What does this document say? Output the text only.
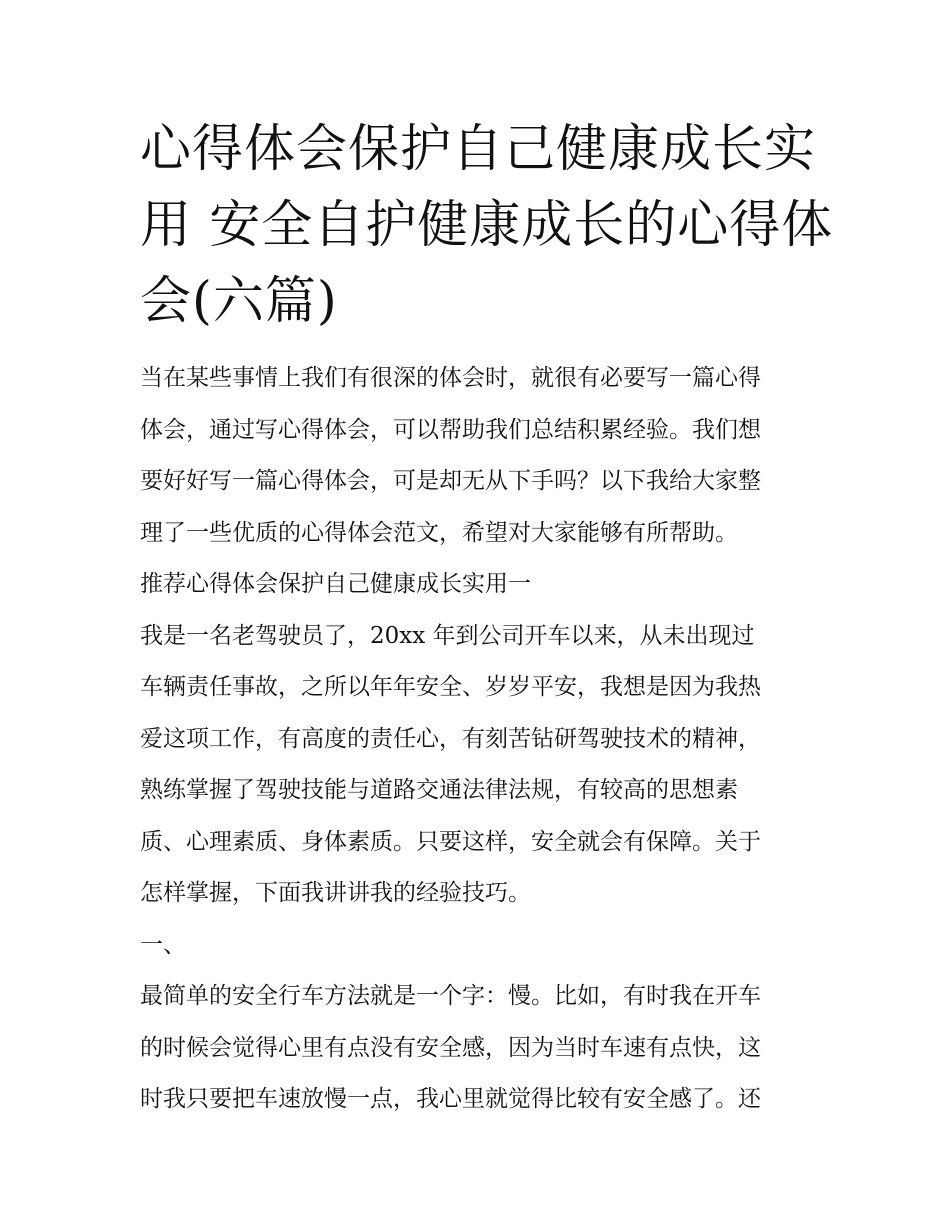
心得体会保护自己健康成长实
用 安全自护健康成长的心得体
会(六篇)
当在某些事情上我们有很深的体会时，就很有必要写一篇心得
体会，通过写心得体会，可以帮助我们总结积累经验。我们想
要好好写一篇心得体会，可是却无从下手吗？以下我给大家整
理了一些优质的心得体会范文，希望对大家能够有所帮助。
推荐心得体会保护自己健康成长实用一
我是一名老驾驶员了，20xx 年到公司开车以来，从未出现过
车辆责任事故，之所以年年安全、岁岁平安，我想是因为我热
爱这项工作，有高度的责任心，有刻苦钻研驾驶技术的精神，
熟练掌握了驾驶技能与道路交通法律法规，有较高的思想素
质、心理素质、身体素质。只要这样，安全就会有保障。关于
怎样掌握，下面我讲讲我的经验技巧。
一、
最简单的安全行车方法就是一个字：慢。比如，有时我在开车
的时候会觉得心里有点没有安全感，因为当时车速有点快，这
时我只要把车速放慢一点，我心里就觉得比较有安全感了。还
